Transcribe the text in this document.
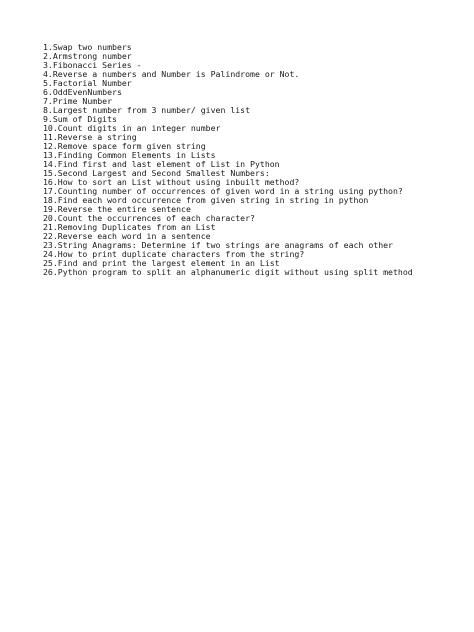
1.Swap two numbers
2.Armstrong number
3.Fibonacci Series -
4.Reverse a numbers and Number is Palindrome or Not.
5.Factorial Number
6.OddEvenNumbers
7.Prime Number
8.Largest number from 3 number/ given list
9.Sum of Digits
10.Count digits in an integer number
11.Reverse a string
12.Remove space form given string
13.Finding Common Elements in Lists
14.Find first and last element of List in Python
15.Second Largest and Second Smallest Numbers:
16.How to sort an List without using inbuilt method?
17.Counting number of occurrences of given word in a string using python?
18.Find each word occurrence from given string in string in python
19.Reverse the entire sentence
20.Count the occurrences of each character?
21.Removing Duplicates from an List
22.Reverse each word in a sentence
23.String Anagrams: Determine if two strings are anagrams of each other
24.How to print duplicate characters from the string?
25.Find and print the largest element in an List
26.Python program to split an alphanumeric digit without using split method
